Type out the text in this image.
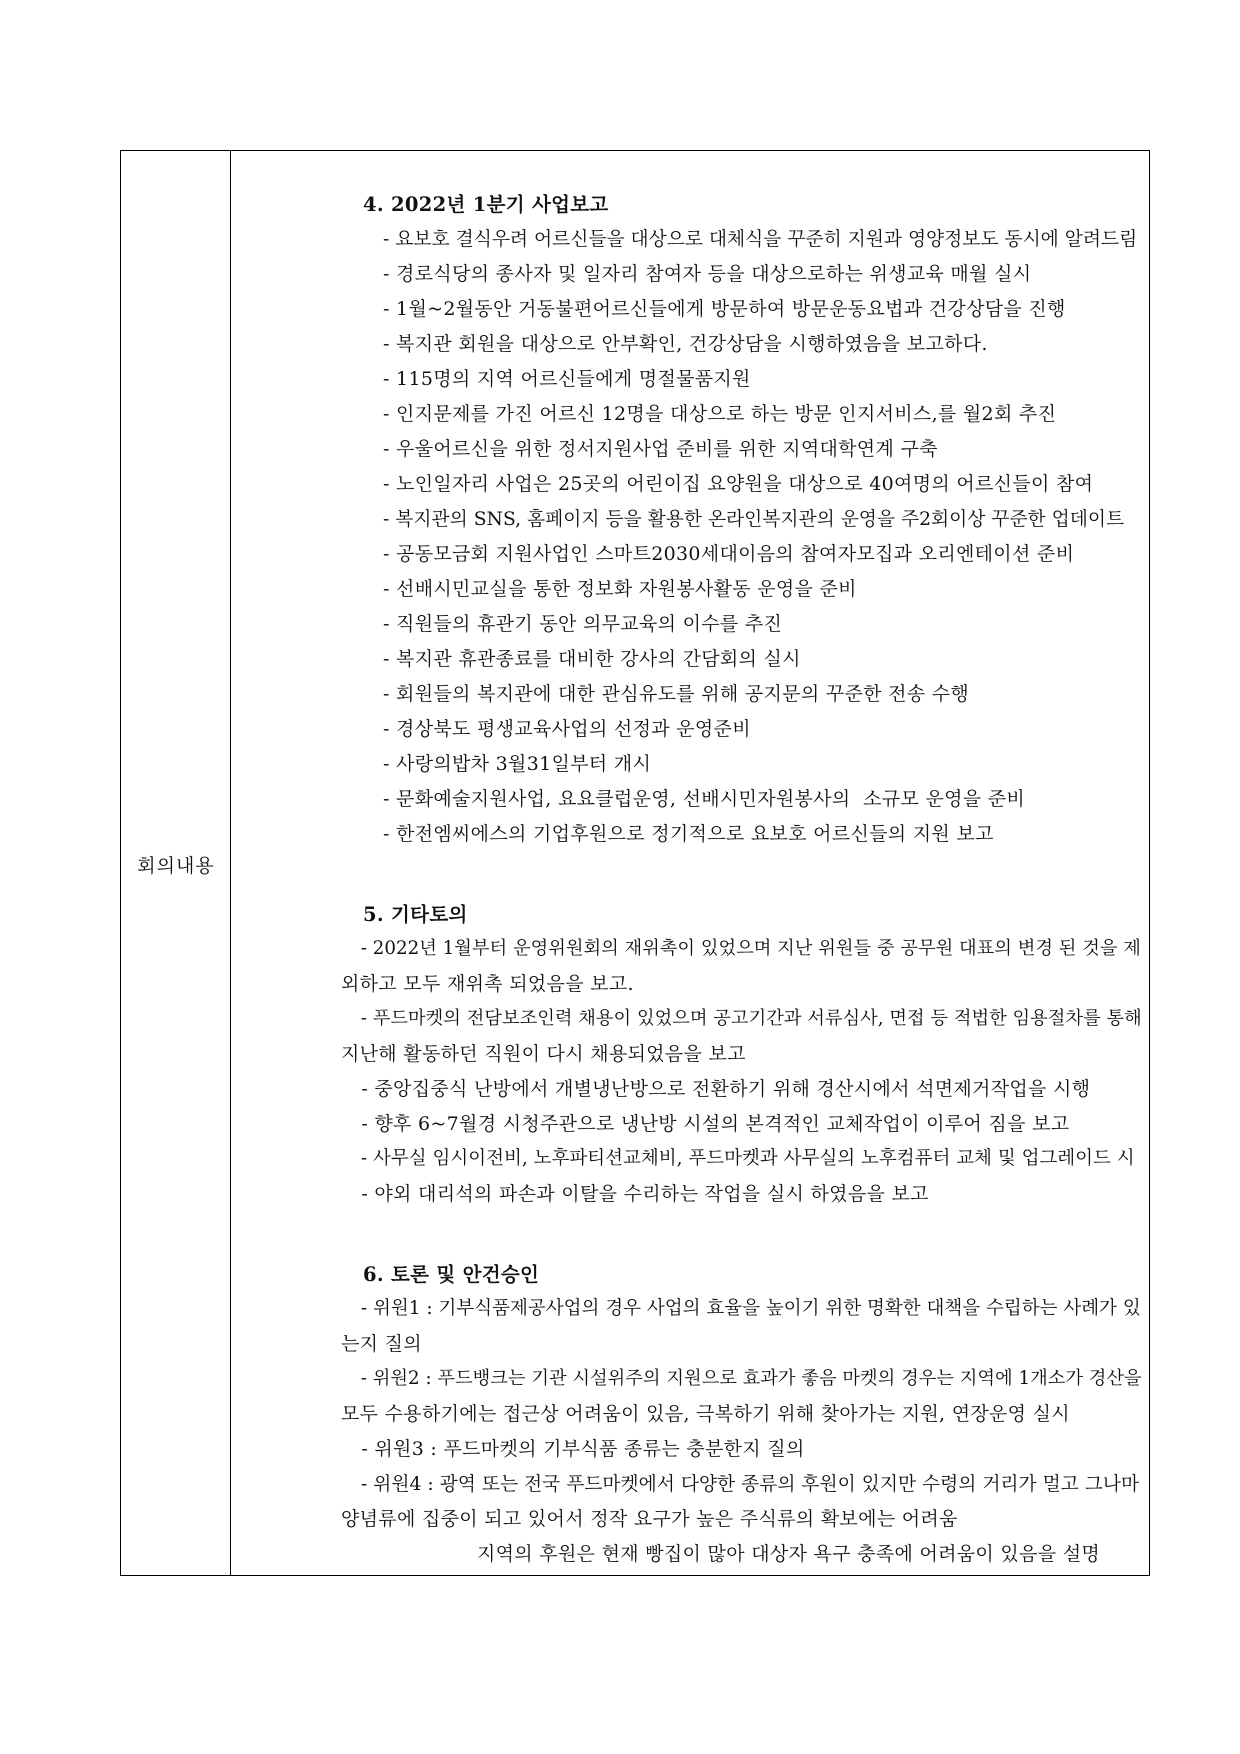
회의내용
4. 2022년 1분기 사업보고
- 요보호 결식우려 어르신들을 대상으로 대체식을 꾸준히 지원과 영양정보도 동시에 알려드림
- 경로식당의 종사자 및 일자리 참여자 등을 대상으로하는 위생교육 매월 실시
- 1월~2월동안 거동불편어르신들에게 방문하여 방문운동요법과 건강상담을 진행
- 복지관 회원을 대상으로 안부확인, 건강상담을 시행하였음을 보고하다.
- 115명의 지역 어르신들에게 명절물품지원
- 인지문제를 가진 어르신 12명을 대상으로 하는 방문 인지서비스,를 월2회 추진
- 우울어르신을 위한 정서지원사업 준비를 위한 지역대학연계 구축
- 노인일자리 사업은 25곳의 어린이집 요양원을 대상으로 40여명의 어르신들이 참여
- 복지관의 SNS, 홈페이지 등을 활용한 온라인복지관의 운영을 주2회이상 꾸준한 업데이트
- 공동모금회 지원사업인 스마트2030세대이음의 참여자모집과 오리엔테이션 준비
- 선배시민교실을 통한 정보화 자원봉사활동 운영을 준비
- 직원들의 휴관기 동안 의무교육의 이수를 추진
- 복지관 휴관종료를 대비한 강사의 간담회의 실시
- 회원들의 복지관에 대한 관심유도를 위해 공지문의 꾸준한 전송 수행
- 경상북도 평생교육사업의 선정과 운영준비
- 사랑의밥차 3월31일부터 개시
- 문화예술지원사업, 요요클럽운영, 선배시민자원봉사의  소규모 운영을 준비
- 한전엠씨에스의 기업후원으로 정기적으로 요보호 어르신들의 지원 보고
5. 기타토의
- 2022년 1월부터 운영위원회의 재위촉이 있었으며 지난 위원들 중 공무원 대표의 변경 된 것을 제
외하고 모두 재위촉 되었음을 보고.
- 푸드마켓의 전담보조인력 채용이 있었으며 공고기간과 서류심사, 면접 등 적법한 임용절차를 통해
지난해 활동하던 직원이 다시 채용되었음을 보고
- 중앙집중식 난방에서 개별냉난방으로 전환하기 위해 경산시에서 석면제거작업을 시행
- 향후 6~7월경 시청주관으로 냉난방 시설의 본격적인 교체작업이 이루어 짐을 보고
- 사무실 임시이전비, 노후파티션교체비, 푸드마켓과 사무실의 노후컴퓨터 교체 및 업그레이드 시
- 야외 대리석의 파손과 이탈을 수리하는 작업을 실시 하였음을 보고
6. 토론 및 안건승인
- 위원1 : 기부식품제공사업의 경우 사업의 효율을 높이기 위한 명확한 대책을 수립하는 사례가 있
는지 질의
- 위원2 : 푸드뱅크는 기관 시설위주의 지원으로 효과가 좋음 마켓의 경우는 지역에 1개소가 경산을
모두 수용하기에는 접근상 어려움이 있음, 극복하기 위해 찾아가는 지원, 연장운영 실시
- 위원3 : 푸드마켓의 기부식품 종류는 충분한지 질의
- 위원4 : 광역 또는 전국 푸드마켓에서 다양한 종류의 후원이 있지만 수령의 거리가 멀고 그나마
양념류에 집중이 되고 있어서 정작 요구가 높은 주식류의 확보에는 어려움
지역의 후원은 현재 빵집이 많아 대상자 욕구 충족에 어려움이 있음을 설명
